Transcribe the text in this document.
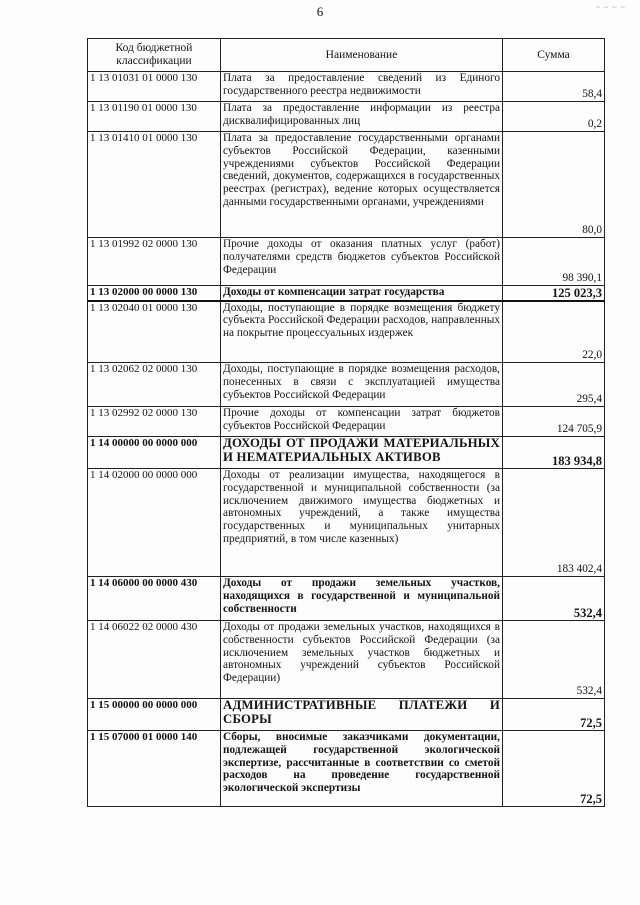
6	~ ~ ~ ~
Код бюджетной классификации	Наименование	Сумма
1 13 01031 01 0000 130	Плата за предоставление сведений из Единого государственного реестра недвижимости	58,4
1 13 01190 01 0000 130	Плата за предоставление информации из реестра дисквалифицированных лиц	0,2
1 13 01410 01 0000 130	Плата за предоставление государственными органами субъектов Российской Федерации, казенными учреждениями субъектов Российской Федерации сведений, документов, содержащихся в государственных реестрах (регистрах), ведение которых осуществляется данными государственными органами, учреждениями	80,0
1 13 01992 02 0000 130	Прочие доходы от оказания платных услуг (работ) получателями средств бюджетов субъектов Российской Федерации	98 390,1
1 13 02000 00 0000 130	Доходы от компенсации затрат государства	125 023,3
1 13 02040 01 0000 130	Доходы, поступающие в порядке возмещения бюджету субъекта Российской Федерации расходов, направленных на покрытие процессуальных издержек	22,0
1 13 02062 02 0000 130	Доходы, поступающие в порядке возмещения расходов, понесенных в связи с эксплуатацией имущества субъектов Российской Федерации	295,4
1 13 02992 02 0000 130	Прочие доходы от компенсации затрат бюджетов субъектов Российской Федерации	124 705,9
1 14 00000 00 0000 000	ДОХОДЫ ОТ ПРОДАЖИ МАТЕРИАЛЬНЫХ И НЕМАТЕРИАЛЬНЫХ АКТИВОВ	183 934,8
1 14 02000 00 0000 000	Доходы от реализации имущества, находящегося в государственной и муниципальной собственности (за исключением движимого имущества бюджетных и автономных учреждений, а также имущества государственных и муниципальных унитарных предприятий, в том числе казенных)	183 402,4
1 14 06000 00 0000 430	Доходы от продажи земельных участков, находящихся в государственной и муниципальной собственности	532,4
1 14 06022 02 0000 430	Доходы от продажи земельных участков, находящихся в собственности субъектов Российской Федерации (за исключением земельных участков бюджетных и автономных учреждений субъектов Российской Федерации)	532,4
1 15 00000 00 0000 000	АДМИНИСТРАТИВНЫЕ ПЛАТЕЖИ И СБОРЫ	72,5
1 15 07000 01 0000 140	Сборы, вносимые заказчиками документации, подлежащей государственной экологической экспертизе, рассчитанные в соответствии со сметой расходов на проведение государственной экологической экспертизы	72,5
